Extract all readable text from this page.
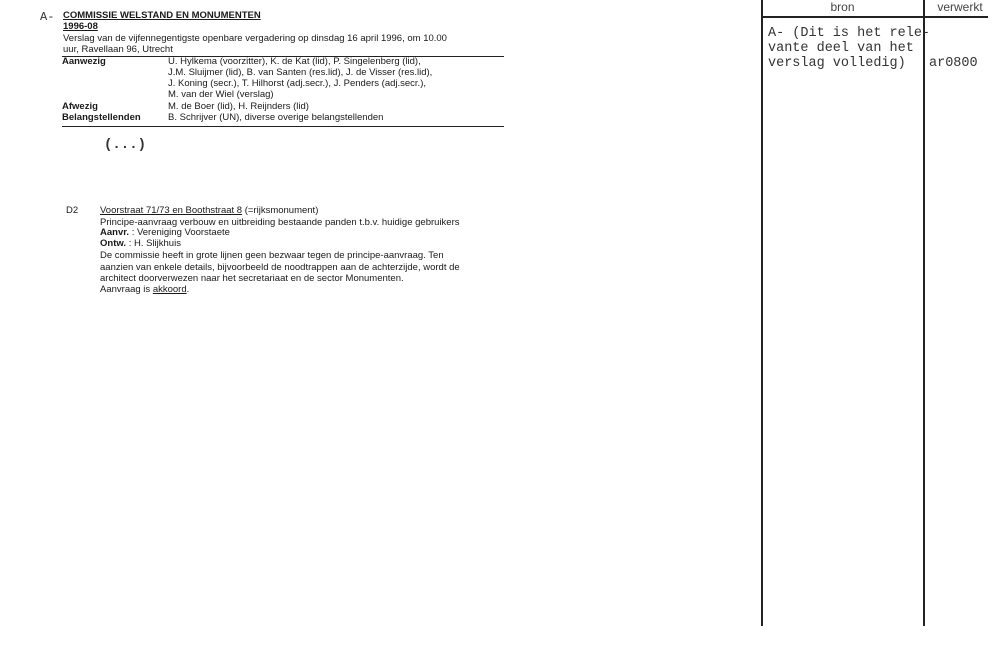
A- COMMISSIE WELSTAND EN MONUMENTEN
1996-08
Verslag van de vijfennegentigste openbare vergadering op dinsdag 16 april 1996, om 10.00
uur, Ravellaan 96, Utrecht
Aanwezig	U. Hylkema (voorzitter), K. de Kat (lid), P. Singelenberg (lid),
J.M. Sluijmer (lid), B. van Santen (res.lid), J. de Visser (res.lid),
J. Koning (secr.), T. Hilhorst (adj.secr.), J. Penders (adj.secr.),
M. van der Wiel (verslag)
Afwezig	M. de Boer (lid), H. Reijnders (lid)
Belangstellenden	B. Schrijver (UN), diverse overige belangstellenden
(...)
D2 Voorstraat 71/73 en Boothstraat 8 (=rijksmonument)
Principe-aanvraag verbouw en uitbreiding bestaande panden t.b.v. huidige gebruikers
Aanvr. : Vereniging Voorstaete
Ontw. : H. Slijkhuis
De commissie heeft in grote lijnen geen bezwaar tegen de principe-aanvraag. Ten
aanzien van enkele details, bijvoorbeeld de noodtrappen aan de achterzijde, wordt de
architect doorverwezen naar het secretariaat en de sector Monumenten.
Aanvraag is akkoord.
bron	verwerkt
A- (Dit is het rele-
vante deel van het
verslag volledig) ar0800
